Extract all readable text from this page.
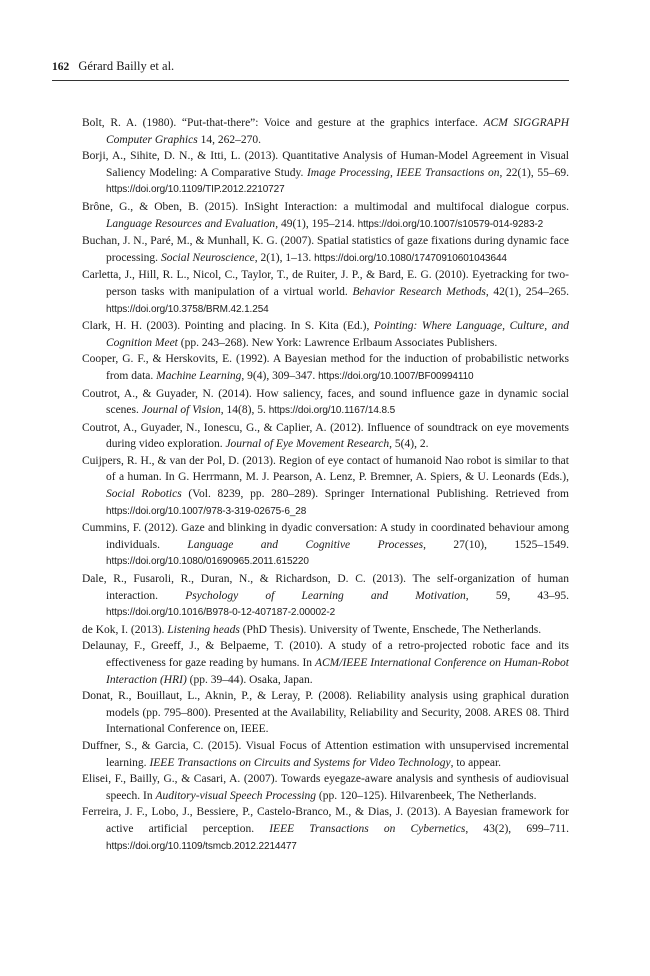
162 Gérard Bailly et al.
Bolt, R. A. (1980). “Put-that-there”: Voice and gesture at the graphics interface. ACM SIGGRAPH Computer Graphics 14, 262–270.
Borji, A., Sihite, D. N., & Itti, L. (2013). Quantitative Analysis of Human-Model Agreement in Visual Saliency Modeling: A Comparative Study. Image Processing, IEEE Transactions on, 22(1), 55–69. https://doi.org/10.1109/TIP.2012.2210727
Brône, G., & Oben, B. (2015). InSight Interaction: a multimodal and multifocal dialogue corpus. Language Resources and Evaluation, 49(1), 195–214. https://doi.org/10.1007/s10579-014-9283-2
Buchan, J. N., Paré, M., & Munhall, K. G. (2007). Spatial statistics of gaze fixations during dynamic face processing. Social Neuroscience, 2(1), 1–13. https://doi.org/10.1080/17470910601043644
Carletta, J., Hill, R. L., Nicol, C., Taylor, T., de Ruiter, J. P., & Bard, E. G. (2010). Eyetracking for two-person tasks with manipulation of a virtual world. Behavior Research Methods, 42(1), 254–265. https://doi.org/10.3758/BRM.42.1.254
Clark, H. H. (2003). Pointing and placing. In S. Kita (Ed.), Pointing: Where Language, Culture, and Cognition Meet (pp. 243–268). New York: Lawrence Erlbaum Associates Publishers.
Cooper, G. F., & Herskovits, E. (1992). A Bayesian method for the induction of probabilistic networks from data. Machine Learning, 9(4), 309–347. https://doi.org/10.1007/BF00994110
Coutrot, A., & Guyader, N. (2014). How saliency, faces, and sound influence gaze in dynamic social scenes. Journal of Vision, 14(8), 5. https://doi.org/10.1167/14.8.5
Coutrot, A., Guyader, N., Ionescu, G., & Caplier, A. (2012). Influence of soundtrack on eye movements during video exploration. Journal of Eye Movement Research, 5(4), 2.
Cuijpers, R. H., & van der Pol, D. (2013). Region of eye contact of humanoid Nao robot is similar to that of a human. In G. Herrmann, M. J. Pearson, A. Lenz, P. Bremner, A. Spiers, & U. Leonards (Eds.), Social Robotics (Vol. 8239, pp. 280–289). Springer International Publishing. Retrieved from https://doi.org/10.1007/978-3-319-02675-6_28
Cummins, F. (2012). Gaze and blinking in dyadic conversation: A study in coordinated behaviour among individuals. Language and Cognitive Processes, 27(10), 1525–1549. https://doi.org/10.1080/01690965.2011.615220
Dale, R., Fusaroli, R., Duran, N., & Richardson, D. C. (2013). The self-organization of human interaction. Psychology of Learning and Motivation, 59, 43–95. https://doi.org/10.1016/B978-0-12-407187-2.00002-2
de Kok, I. (2013). Listening heads (PhD Thesis). University of Twente, Enschede, The Netherlands.
Delaunay, F., Greeff, J., & Belpaeme, T. (2010). A study of a retro-projected robotic face and its effectiveness for gaze reading by humans. In ACM/IEEE International Conference on Human-Robot Interaction (HRI) (pp. 39–44). Osaka, Japan.
Donat, R., Bouillaut, L., Aknin, P., & Leray, P. (2008). Reliability analysis using graphical duration models (pp. 795–800). Presented at the Availability, Reliability and Security, 2008. ARES 08. Third International Conference on, IEEE.
Duffner, S., & Garcia, C. (2015). Visual Focus of Attention estimation with unsupervised incremental learning. IEEE Transactions on Circuits and Systems for Video Technology, to appear.
Elisei, F., Bailly, G., & Casari, A. (2007). Towards eyegaze-aware analysis and synthesis of audiovisual speech. In Auditory-visual Speech Processing (pp. 120–125). Hilvarenbeek, The Netherlands.
Ferreira, J. F., Lobo, J., Bessiere, P., Castelo-Branco, M., & Dias, J. (2013). A Bayesian framework for active artificial perception. IEEE Transactions on Cybernetics, 43(2), 699–711. https://doi.org/10.1109/tsmcb.2012.2214477
